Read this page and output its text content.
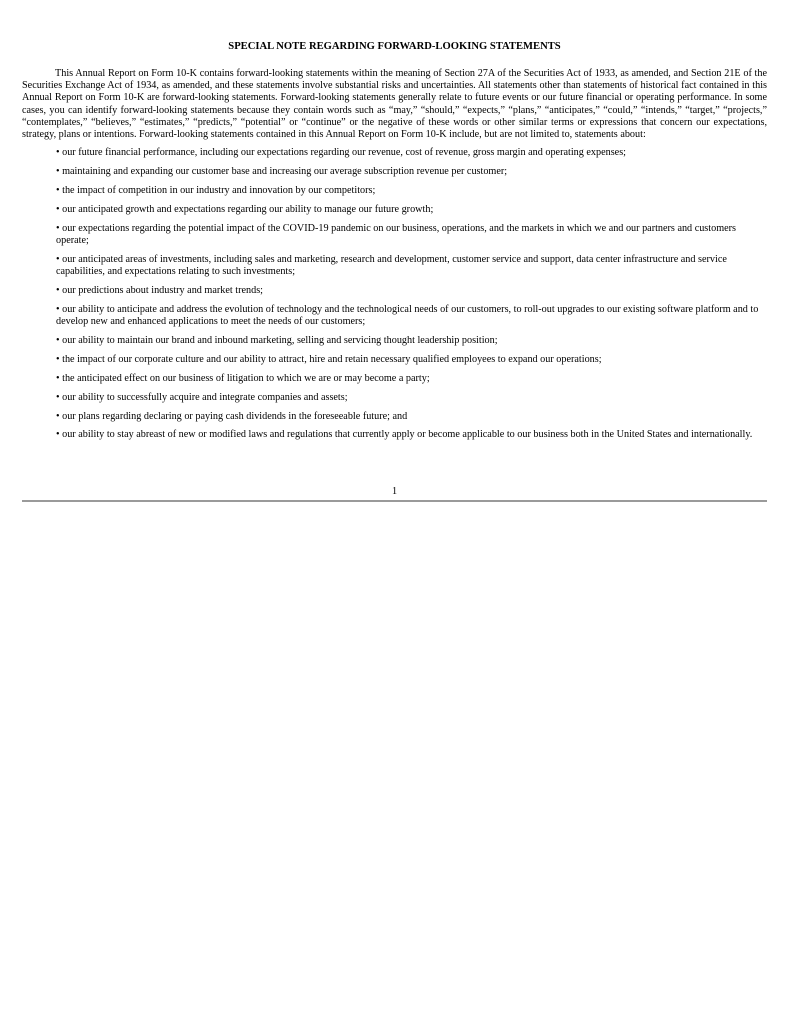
SPECIAL NOTE REGARDING FORWARD-LOOKING STATEMENTS

This Annual Report on Form 10-K contains forward-looking statements within the meaning of Section 27A of the Securities Act of 1933, as amended, and Section 21E of the Securities Exchange Act of 1934, as amended, and these statements involve substantial risks and uncertainties. All statements other than statements of historical fact contained in this Annual Report on Form 10-K are forward-looking statements. Forward-looking statements generally relate to future events or our future financial or operating performance. In some cases, you can identify forward-looking statements because they contain words such as “may,” “should,” “expects,” “plans,” “anticipates,” “could,” “intends,” “target,” “projects,” “contemplates,” “believes,” “estimates,” “predicts,” “potential” or “continue” or the negative of these words or other similar terms or expressions that concern our expectations, strategy, plans or intentions. Forward-looking statements contained in this Annual Report on Form 10-K include, but are not limited to, statements about:

• our future financial performance, including our expectations regarding our revenue, cost of revenue, gross margin and operating expenses;
• maintaining and expanding our customer base and increasing our average subscription revenue per customer;
• the impact of competition in our industry and innovation by our competitors;
• our anticipated growth and expectations regarding our ability to manage our future growth;
• our expectations regarding the potential impact of the COVID-19 pandemic on our business, operations, and the markets in which we and our partners and customers operate;
• our anticipated areas of investments, including sales and marketing, research and development, customer service and support, data center infrastructure and service capabilities, and expectations relating to such investments;
• our predictions about industry and market trends;
• our ability to anticipate and address the evolution of technology and the technological needs of our customers, to roll-out upgrades to our existing software platform and to develop new and enhanced applications to meet the needs of our customers;
• our ability to maintain our brand and inbound marketing, selling and servicing thought leadership position;
• the impact of our corporate culture and our ability to attract, hire and retain necessary qualified employees to expand our operations;
• the anticipated effect on our business of litigation to which we are or may become a party;
• our ability to successfully acquire and integrate companies and assets;
• our plans regarding declaring or paying cash dividends in the foreseeable future; and
• our ability to stay abreast of new or modified laws and regulations that currently apply or become applicable to our business both in the United States and internationally.
1
